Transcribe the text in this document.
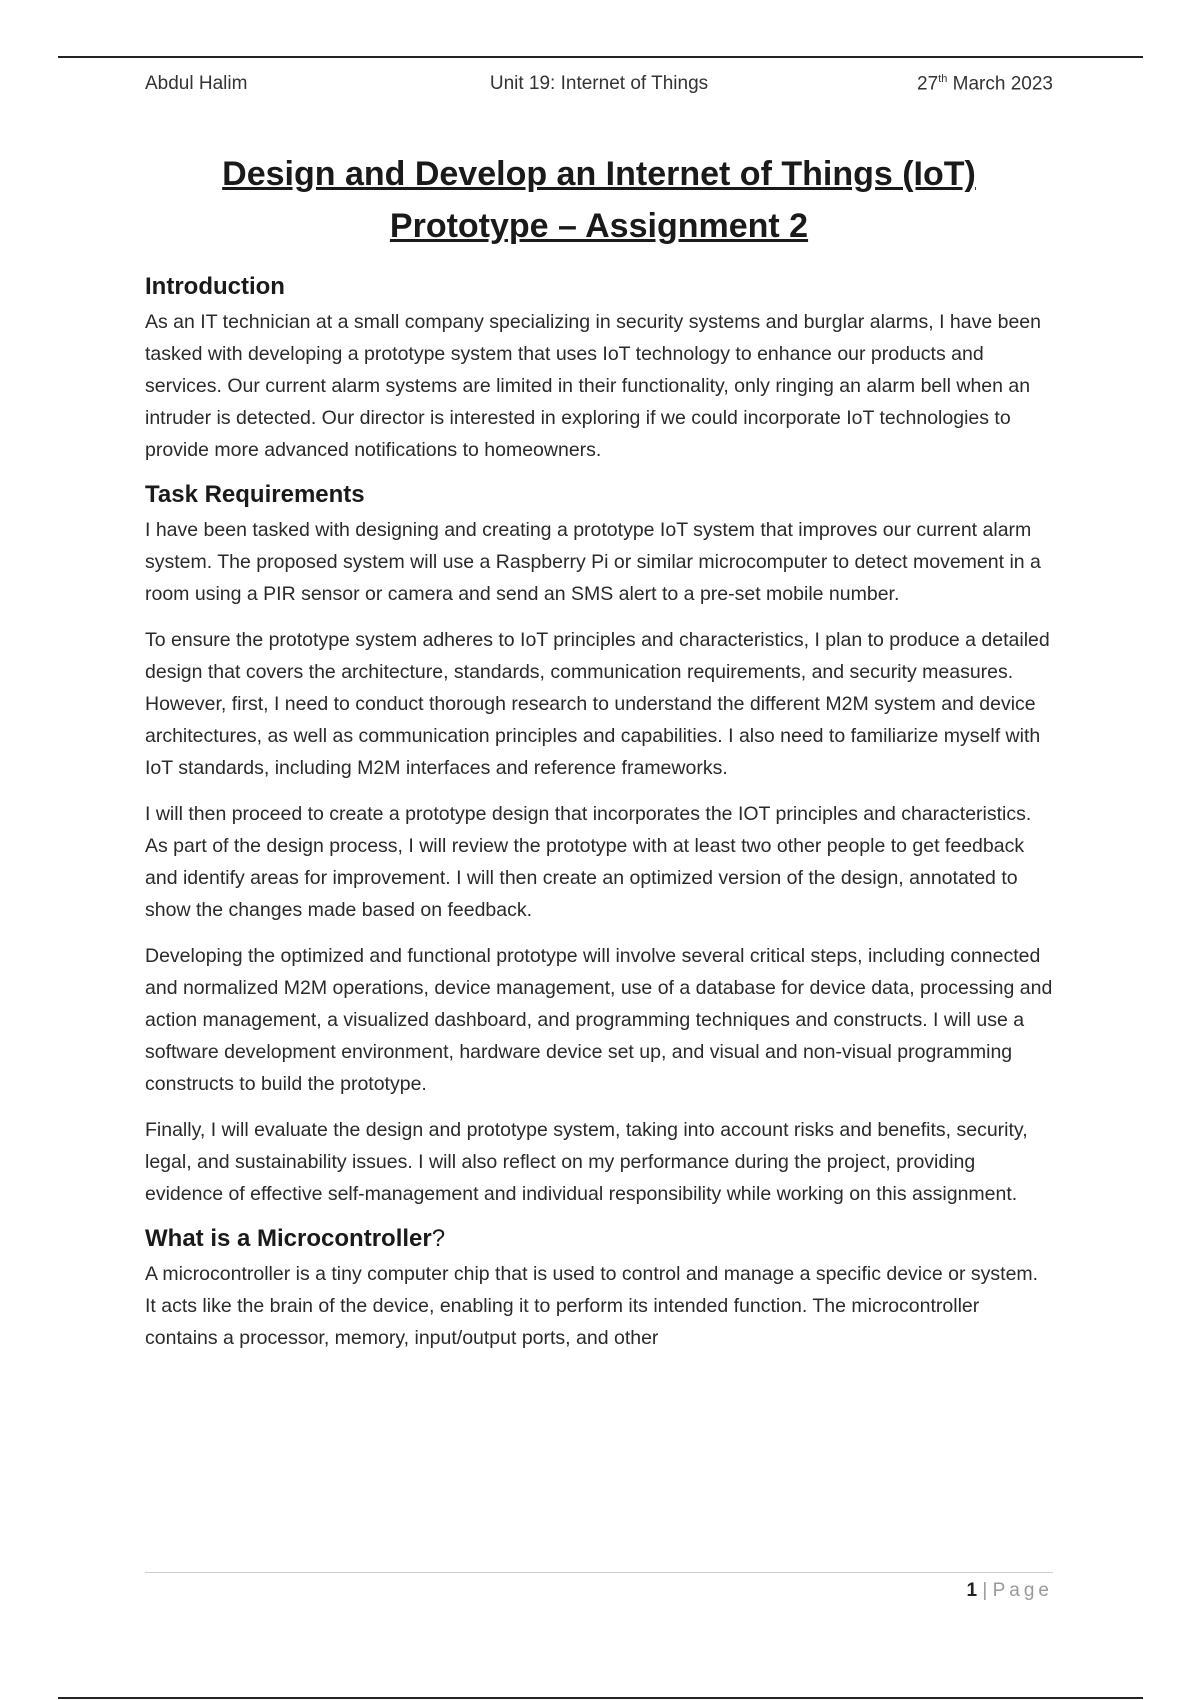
Abdul Halim	Unit 19: Internet of Things	27th March 2023
Design and Develop an Internet of Things (IoT)
Prototype – Assignment 2
Introduction

As an IT technician at a small company specializing in security systems and burglar alarms, I have been tasked with developing a prototype system that uses IoT technology to enhance our products and services. Our current alarm systems are limited in their functionality, only ringing an alarm bell when an intruder is detected. Our director is interested in exploring if we could incorporate IoT technologies to provide more advanced notifications to homeowners.

Task Requirements

I have been tasked with designing and creating a prototype IoT system that improves our current alarm system. The proposed system will use a Raspberry Pi or similar microcomputer to detect movement in a room using a PIR sensor or camera and send an SMS alert to a pre-set mobile number.

To ensure the prototype system adheres to IoT principles and characteristics, I plan to produce a detailed design that covers the architecture, standards, communication requirements, and security measures. However, first, I need to conduct thorough research to understand the different M2M system and device architectures, as well as communication principles and capabilities. I also need to familiarize myself with IoT standards, including M2M interfaces and reference frameworks.

I will then proceed to create a prototype design that incorporates the IOT principles and characteristics. As part of the design process, I will review the prototype with at least two other people to get feedback and identify areas for improvement. I will then create an optimized version of the design, annotated to show the changes made based on feedback.

Developing the optimized and functional prototype will involve several critical steps, including connected and normalized M2M operations, device management, use of a database for device data, processing and action management, a visualized dashboard, and programming techniques and constructs. I will use a software development environment, hardware device set up, and visual and non-visual programming constructs to build the prototype.

Finally, I will evaluate the design and prototype system, taking into account risks and benefits, security, legal, and sustainability issues. I will also reflect on my performance during the project, providing evidence of effective self-management and individual responsibility while working on this assignment.

What is a Microcontroller?

A microcontroller is a tiny computer chip that is used to control and manage a specific device or system. It acts like the brain of the device, enabling it to perform its intended function. The microcontroller contains a processor, memory, input/output ports, and other

1 | Page
